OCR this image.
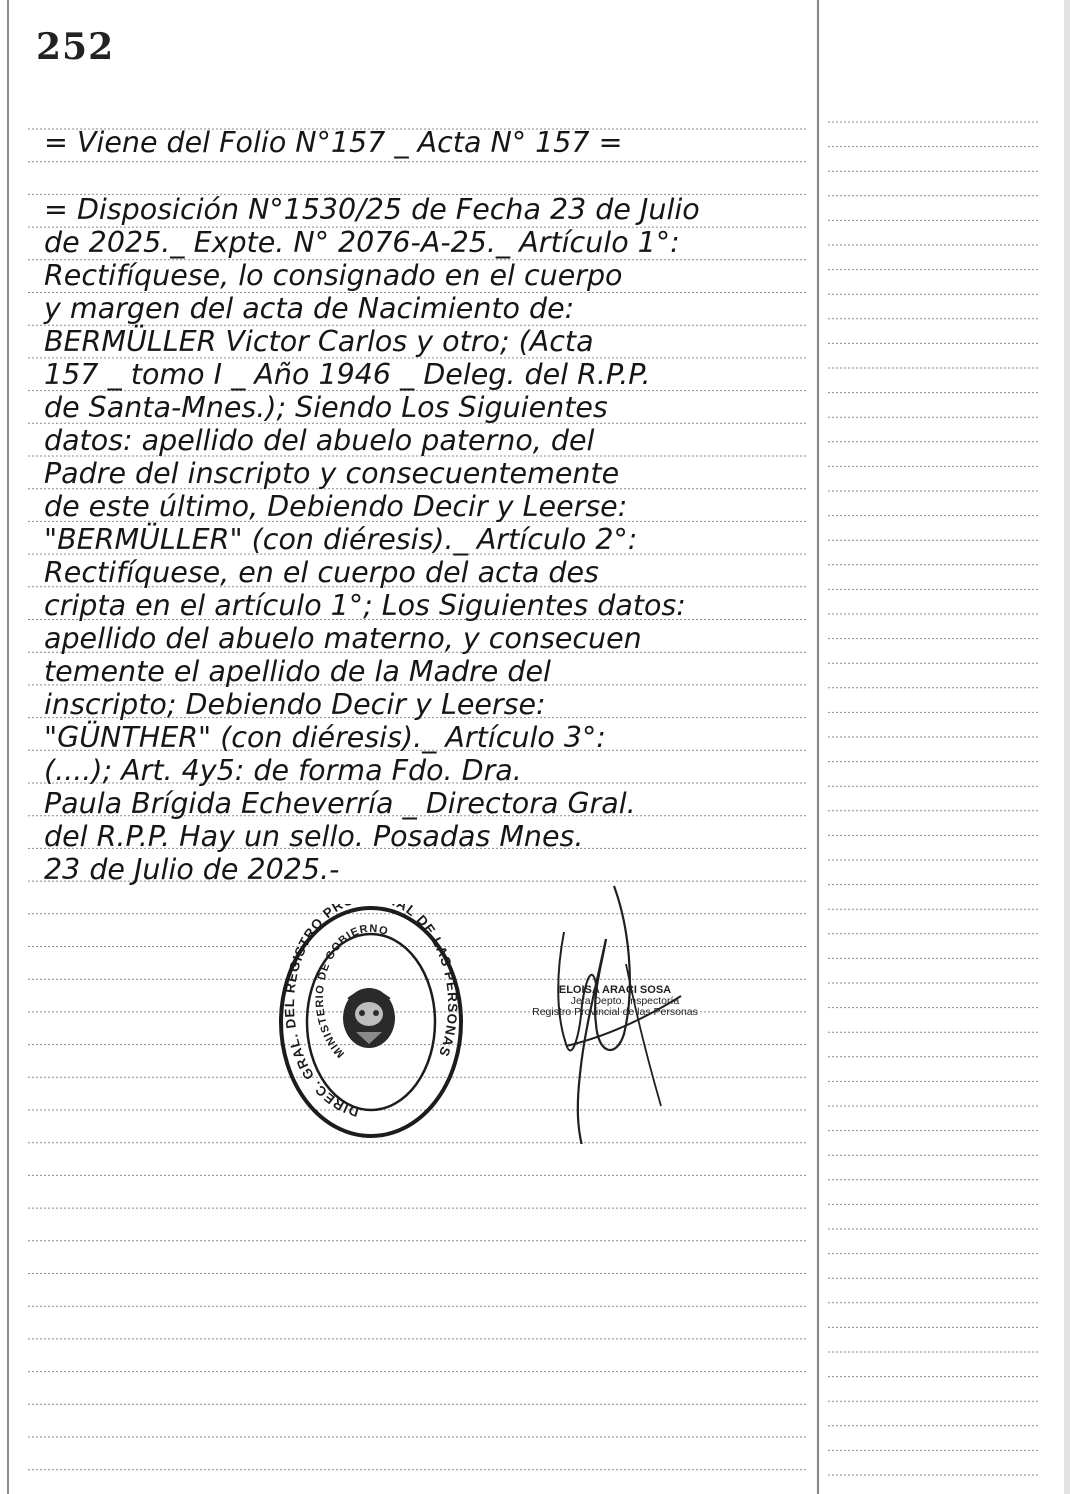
252
= Viene del Folio N°157 _ Acta N° 157 =
= Disposición N°1530/25 de Fecha 23 de Julio
de 2025._ Expte. N° 2076-A-25._ Artículo 1°:
Rectifíquese, lo consignado en el cuerpo
y margen del acta de Nacimiento de:
BERMÜLLER Victor Carlos y otro; (Acta
157 _ tomo I _ Año 1946 _ Deleg. del R.P.P.
de Santa-Mnes.); Siendo Los Siguientes
datos: apellido del abuelo paterno, del
Padre del inscripto y consecuentemente
de este último, Debiendo Decir y Leerse:
"BERMÜLLER" (con diéresis)._ Artículo 2°:
Rectifíquese, en el cuerpo del acta des
cripta en el artículo 1°; Los Siguientes datos:
apellido del abuelo materno, y consecuen
temente el apellido de la Madre del
inscripto; Debiendo Decir y Leerse:
"GÜNTHER" (con diéresis)._ Artículo 3°:
(....); Art. 4y5: de forma Fdo. Dra.
Paula Brígida Echeverría _ Directora Gral.
del R.P.P. Hay un sello. Posadas Mnes.
23 de Julio de 2025.-
DIREC. GRAL. DEL REGISTRO PR AL DE LAS PERSONAS
MINISTERIO DE GOBIERNO
ELOISA ARACI SOSA
Jefa Depto. Inspectoría
Registro Provincial de las Personas
